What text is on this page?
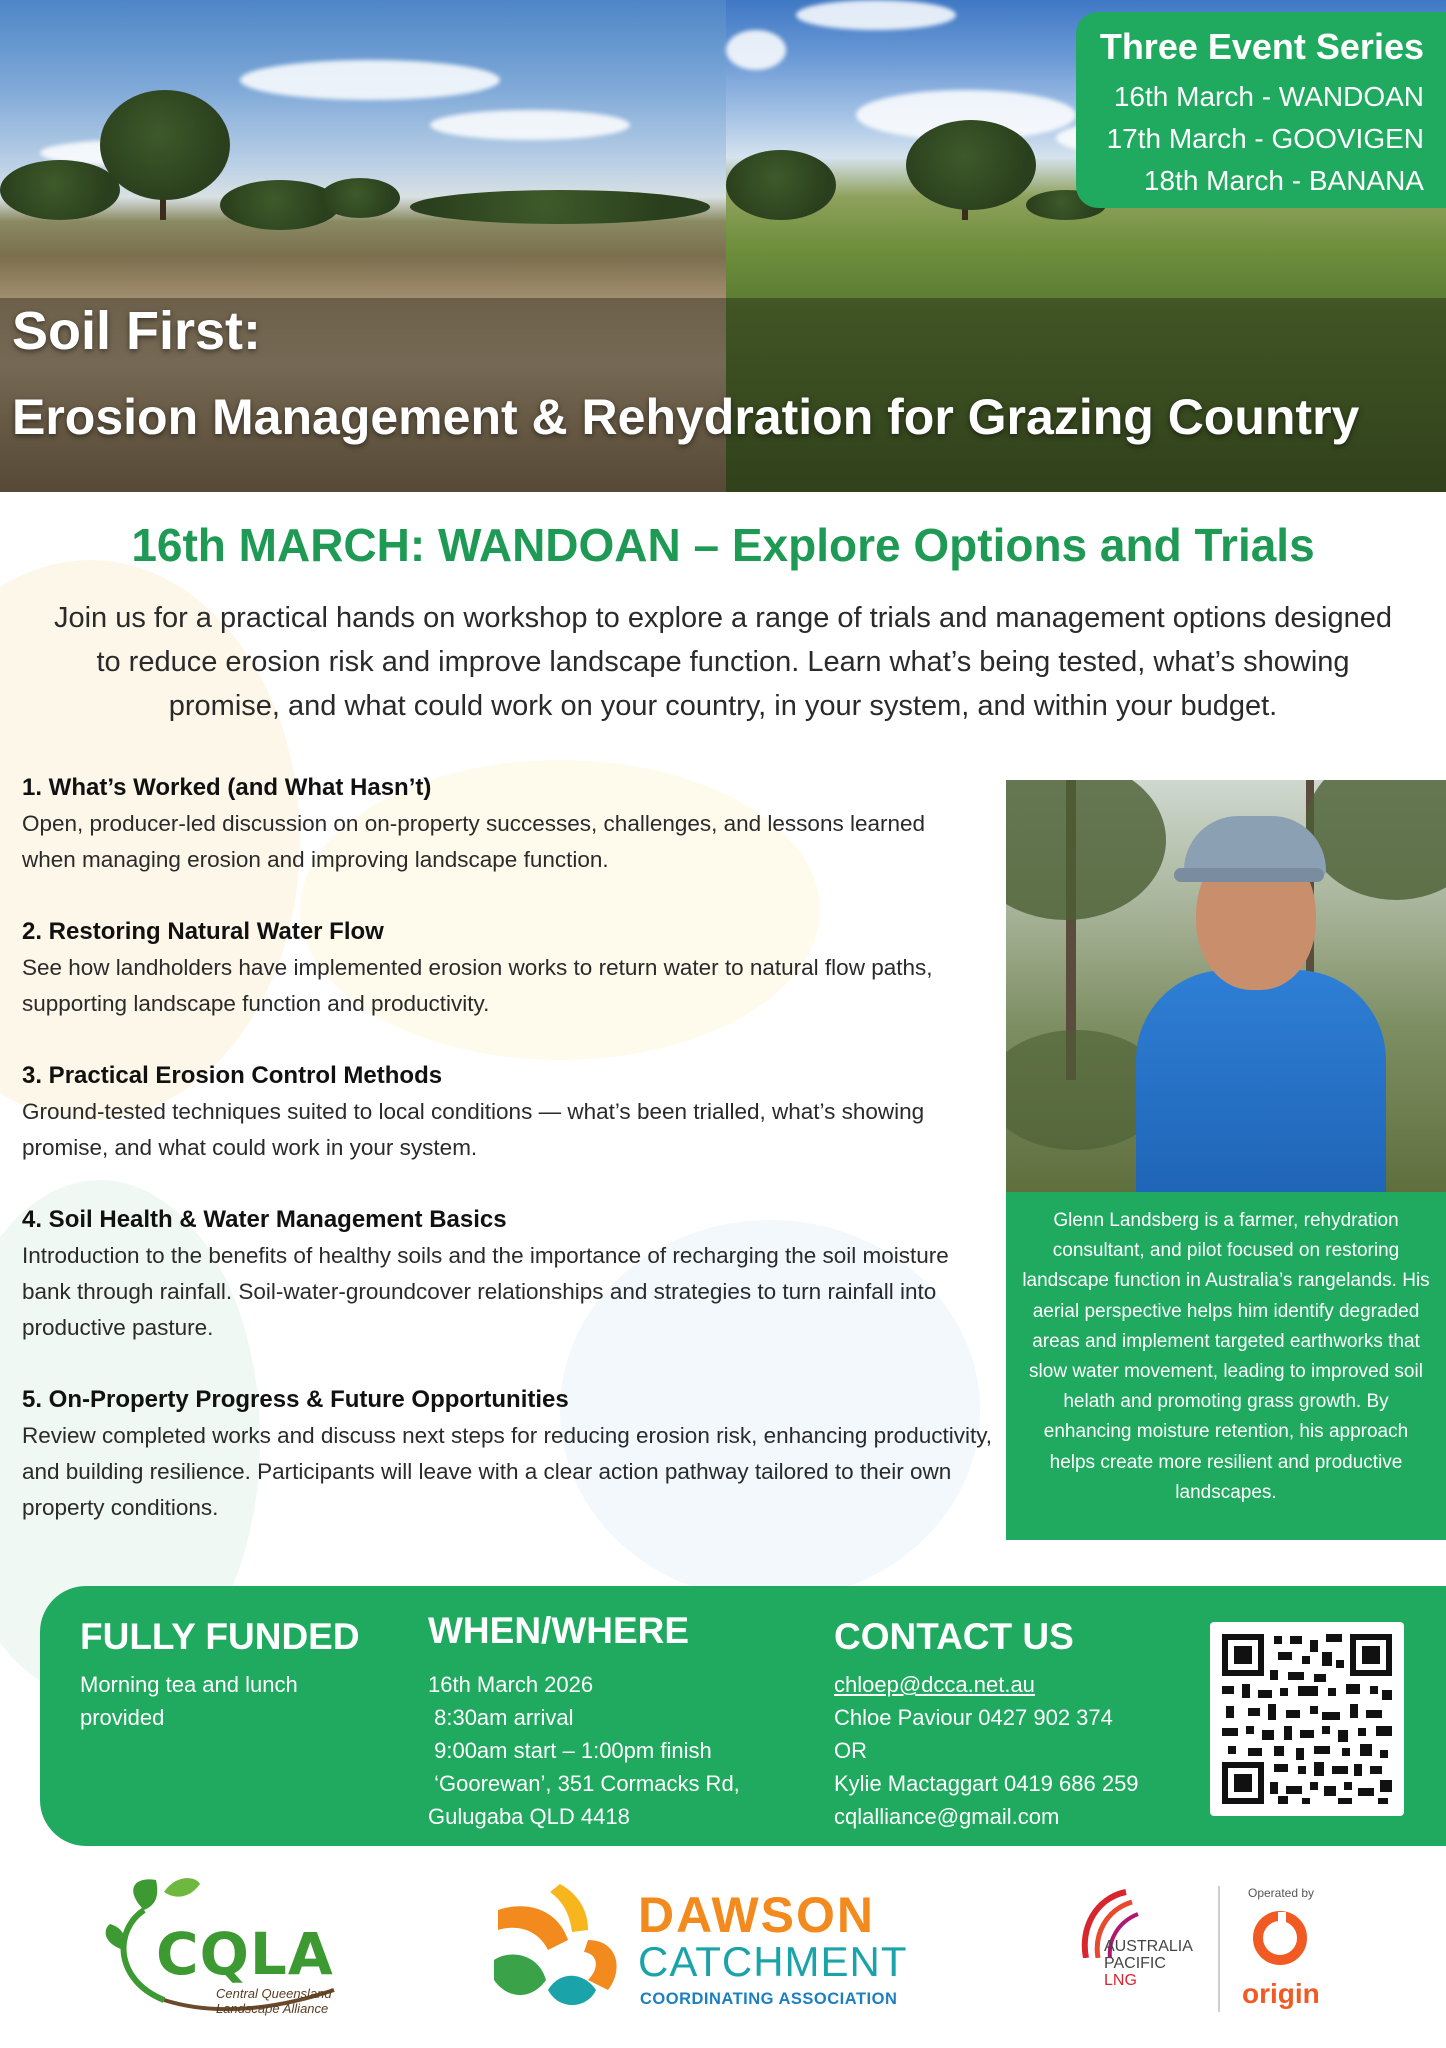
Soil First:
Erosion Management & Rehydration for Grazing Country
Three Event Series
16th March - WANDOAN
17th March - GOOVIGEN
18th March - BANANA
16th MARCH: WANDOAN – Explore Options and Trials
Join us for a practical hands on workshop to explore a range of trials and management options designed to reduce erosion risk and improve landscape function. Learn what’s being tested, what’s showing promise, and what could work on your country, in your system, and within your budget.
1. What’s Worked (and What Hasn’t)
Open, producer-led discussion on on-property successes, challenges, and lessons learned when managing erosion and improving landscape function.
2. Restoring Natural Water Flow
See how landholders have implemented erosion works to return water to natural flow paths, supporting landscape function and productivity.
3. Practical Erosion Control Methods
Ground-tested techniques suited to local conditions — what’s been trialled, what’s showing promise, and what could work in your system.
4. Soil Health & Water Management Basics
Introduction to the benefits of healthy soils and the importance of recharging the soil moisture bank through rainfall. Soil-water-groundcover relationships and strategies to turn rainfall into productive pasture.
5. On-Property Progress & Future Opportunities
Review completed works and discuss next steps for reducing erosion risk, enhancing productivity, and building resilience. Participants will leave with a clear action pathway tailored to their own property conditions.
Glenn Landsberg is a farmer, rehydration consultant, and pilot focused on restoring landscape function in Australia’s rangelands. His aerial perspective helps him identify degraded areas and implement targeted earthworks that slow water movement, leading to improved soil helath and promoting grass growth. By enhancing moisture retention, his approach helps create more resilient and productive landscapes.
FULLY FUNDED
Morning tea and lunch provided
WHEN/WHERE
16th March 2026
8:30am arrival
9:00am start – 1:00pm finish
‘Goorewan’, 351 Cormacks Rd,
Gulugaba QLD 4418
CONTACT US
chloep@dcca.net.au
Chloe Paviour 0427 902 374
OR
Kylie Mactaggart 0419 686 259
cqlalliance@gmail.com
CQLA
Central Queensland
Landscape Alliance
DAWSON
CATCHMENT
COORDINATING ASSOCIATION
AUSTRALIA
PACIFIC
LNG
Operated by
origin
